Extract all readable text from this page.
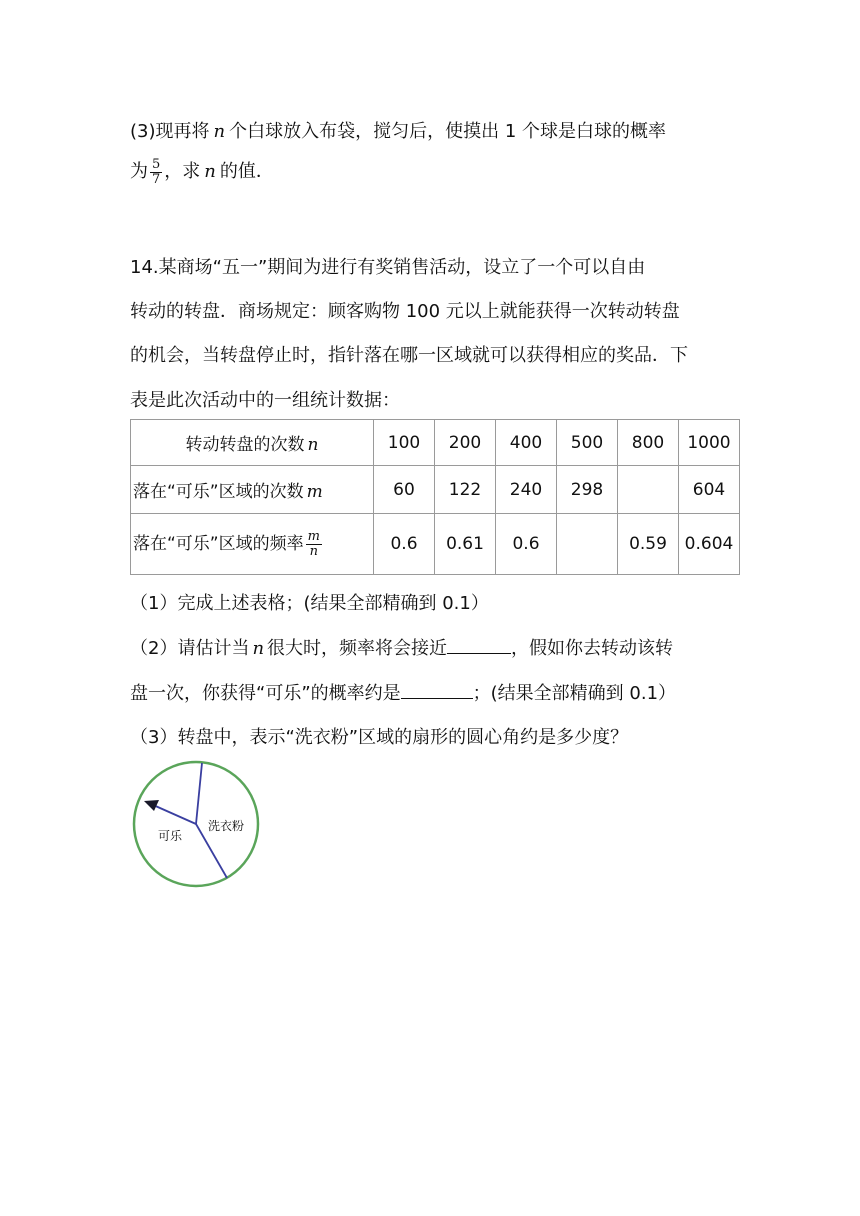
(3)现再将 n 个白球放入布袋，搅匀后，使摸出 1 个球是白球的概率
为 $\frac{5}{7}$ ，求 n 的值．
14.某商场“五一”期间为进行有奖销售活动，设立了一个可以自由
转动的转盘．商场规定：顾客购物 100 元以上就能获得一次转动转盘
的机会，当转盘停止时，指针落在哪一区域就可以获得相应的奖品．下
表是此次活动中的一组统计数据：
转动转盘的次数 n	100	200	400	500	800	1000
落在“可乐”区域的次数 m	60	122	240	298		604
落在“可乐”区域的频率 $\frac{m}{n}$	0.6	0.61	0.6		0.59	0.604
（1）完成上述表格；(结果全部精确到 0.1）
（2）请估计当 n 很大时，频率将会接近	，假如你去转动该转
盘一次，你获得“可乐”的概率约是	；(结果全部精确到 0.1）
（3）转盘中，表示“洗衣粉”区域的扇形的圆心角约是多少度？
可乐
洗衣粉
